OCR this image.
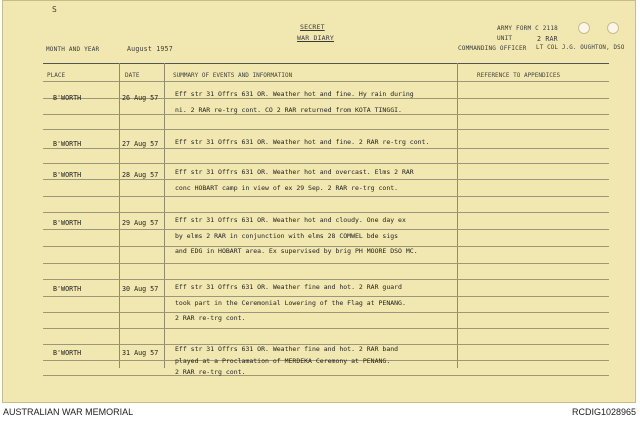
S
SECRET
WAR DIARY
ARMY FORM C 2118
UNIT	2 RAR
COMMANDING OFFICER LT COL J.G. OUGHTON, DSO
MONTH AND YEAR	August 1957
PLACE	DATE	SUMMARY OF EVENTS AND INFORMATION	REFERENCE TO APPENDICES
B'WORTH	26 Aug 57	Eff str 31 Offrs 631 OR. Weather hot and fine. Hy rain during
ni. 2 RAR re-trg cont. CO 2 RAR returned from KOTA TINGGI.
B'WORTH	27 Aug 57	Eff str 31 Offrs 631 OR. Weather hot and fine. 2 RAR re-trg cont.
B'WORTH	28 Aug 57	Eff str 31 Offrs 631 OR. Weather hot and overcast. Elms 2 RAR
conc HOBART camp in view of ex 29 Sep. 2 RAR re-trg cont.
B'WORTH	29 Aug 57	Eff str 31 Offrs 631 OR. Weather hot and cloudy. One day ex
by elms 2 RAR in conjunction with elms 28 COMWEL bde sigs
and EDG in HOBART area. Ex supervised by brig PH MOORE DSO MC.
B'WORTH	30 Aug 57	Eff str 31 Offrs 631 OR. Weather fine and hot. 2 RAR guard
took part in the Ceremonial Lowering of the Flag at PENANG.
2 RAR re-trg cont.
B'WORTH	31 Aug 57	Eff str 31 Offrs 631 OR. Weather fine and hot. 2 RAR band
played at a Proclamation of MERDEKA Ceremony at PENANG.
2 RAR re-trg cont.
AUSTRALIAN WAR MEMORIAL	RCDIG1028965
